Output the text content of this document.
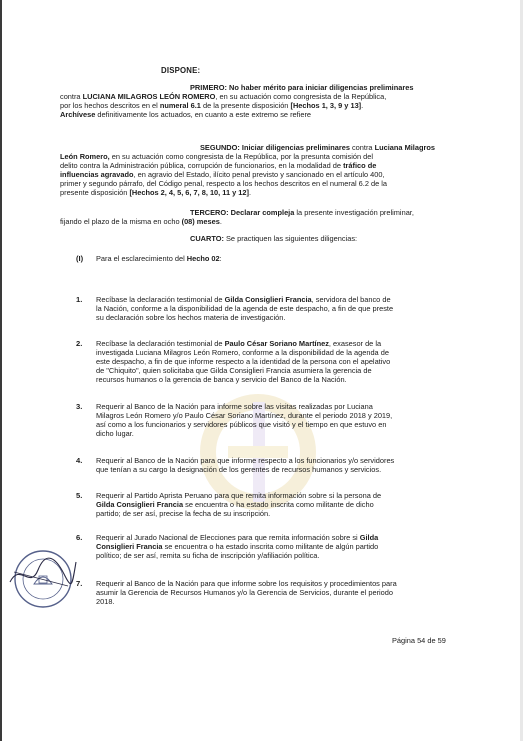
DISPONE:
PRIMERO: No haber mérito para iniciar diligencias preliminares
contra LUCIANA MILAGROS LEÓN ROMERO, en su actuación como congresista de la República,
por los hechos descritos en el numeral 6.1 de la presente disposición [Hechos 1, 3, 9 y 13].
Archívese definitivamente los actuados, en cuanto a este extremo se refiere
SEGUNDO: Iniciar diligencias preliminares contra Luciana Milagros
León Romero, en su actuación como congresista de la República, por la presunta comisión del
delito contra la Administración pública, corrupción de funcionarios, en la modalidad de tráfico de
influencias agravado, en agravio del Estado, ilícito penal previsto y sancionado en el artículo 400,
primer y segundo párrafo, del Código penal, respecto a los hechos descritos en el numeral 6.2 de la
presente disposición [Hechos 2, 4, 5, 6, 7, 8, 10, 11 y 12].
TERCERO: Declarar compleja la presente investigación preliminar,
fijando el plazo de la misma en ocho (08) meses.
CUARTO: Se practiquen las siguientes diligencias:
(I) Para el esclarecimiento del Hecho 02:
1. Recíbase la declaración testimonial de Gilda Consiglieri Francia, servidora del banco de
la Nación, conforme a la disponibilidad de la agenda de este despacho, a fin de que preste
su declaración sobre los hechos materia de investigación.
2. Recíbase la declaración testimonial de Paulo César Soriano Martínez, exasesor de la
investigada Luciana Milagros León Romero, conforme a la disponibilidad de la agenda de
este despacho, a fin de que informe respecto a la identidad de la persona con el apelativo
de "Chiquito", quien solicitaba que Gilda Consiglieri Francia asumiera la gerencia de
recursos humanos o la gerencia de banca y servicio del Banco de la Nación.
3. Requerir al Banco de la Nación para informe sobre las visitas realizadas por Luciana
Milagros León Romero y/o Paulo César Soriano Martínez, durante el periodo 2018 y 2019,
así como a los funcionarios y servidores públicos que visitó y el tiempo en que estuvo en
dicho lugar.
4. Requerir al Banco de la Nación para que informe respecto a los funcionarios y/o servidores
que tenían a su cargo la designación de los gerentes de recursos humanos y servicios.
5. Requerir al Partido Aprista Peruano para que remita información sobre si la persona de
Gilda Consiglieri Francia se encuentra o ha estado inscrita como militante de dicho
partido; de ser así, precise la fecha de su inscripción.
6. Requerir al Jurado Nacional de Elecciones para que remita información sobre si Gilda
Consiglieri Francia se encuentra o ha estado inscrita como militante de algún partido
político; de ser así, remita su ficha de inscripción y/afiliación política.
7. Requerir al Banco de la Nación para que informe sobre los requisitos y procedimientos para
asumir la Gerencia de Recursos Humanos y/o la Gerencia de Servicios, durante el periodo
2018.
Página 54 de 59
